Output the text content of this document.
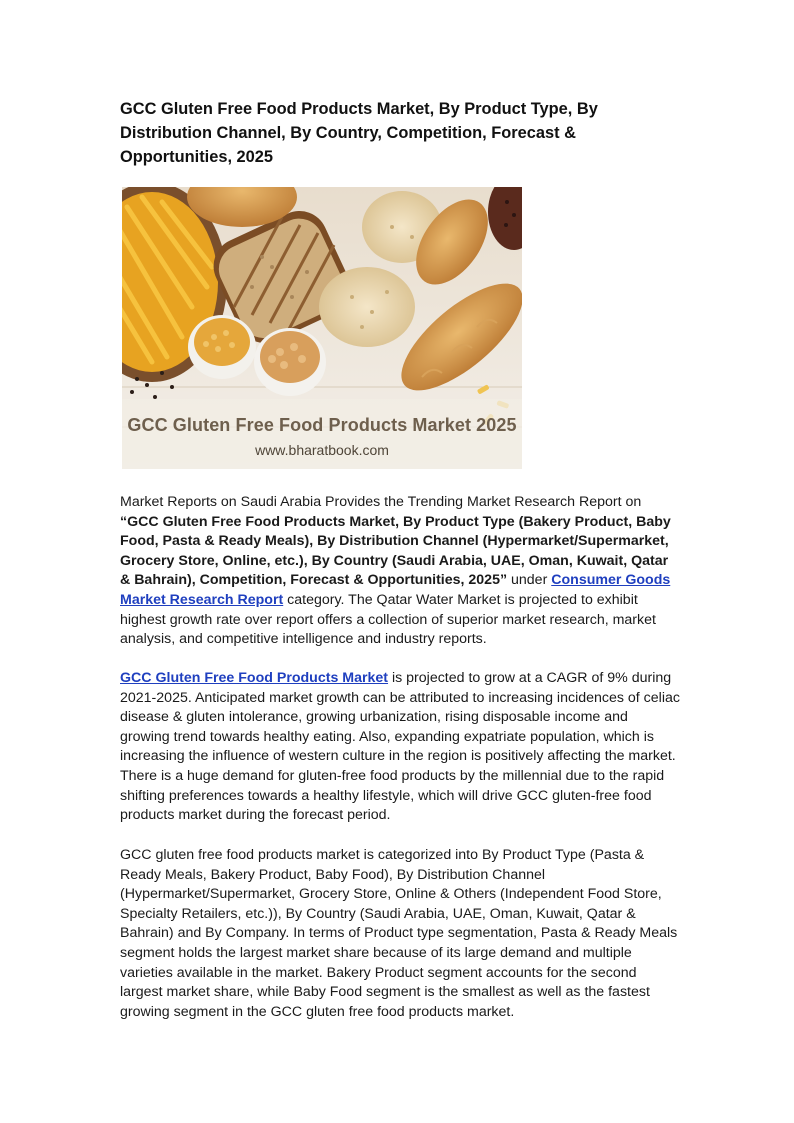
GCC Gluten Free Food Products Market, By Product Type, By Distribution Channel, By Country, Competition, Forecast & Opportunities, 2025
GCC Gluten Free Food Products Market 2025
www.bharatbook.com

Market Reports on Saudi Arabia Provides the Trending Market Research Report on “GCC Gluten Free Food Products Market, By Product Type (Bakery Product, Baby Food, Pasta & Ready Meals), By Distribution Channel (Hypermarket/Supermarket, Grocery Store, Online, etc.), By Country (Saudi Arabia, UAE, Oman, Kuwait, Qatar & Bahrain), Competition, Forecast & Opportunities, 2025” under Consumer Goods Market Research Report category. The Qatar Water Market is projected to exhibit highest growth rate over report offers a collection of superior market research, market analysis, and competitive intelligence and industry reports.

GCC Gluten Free Food Products Market is projected to grow at a CAGR of 9% during 2021-2025. Anticipated market growth can be attributed to increasing incidences of celiac disease & gluten intolerance, growing urbanization, rising disposable income and growing trend towards healthy eating. Also, expanding expatriate population, which is increasing the influence of western culture in the region is positively affecting the market. There is a huge demand for gluten-free food products by the millennial due to the rapid shifting preferences towards a healthy lifestyle, which will drive GCC gluten-free food products market during the forecast period.

GCC gluten free food products market is categorized into By Product Type (Pasta & Ready Meals, Bakery Product, Baby Food), By Distribution Channel (Hypermarket/Supermarket, Grocery Store, Online & Others (Independent Food Store, Specialty Retailers, etc.)), By Country (Saudi Arabia, UAE, Oman, Kuwait, Qatar & Bahrain) and By Company. In terms of Product type segmentation, Pasta & Ready Meals segment holds the largest market share because of its large demand and multiple varieties available in the market. Bakery Product segment accounts for the second largest market share, while Baby Food segment is the smallest as well as the fastest growing segment in the GCC gluten free food products market.
